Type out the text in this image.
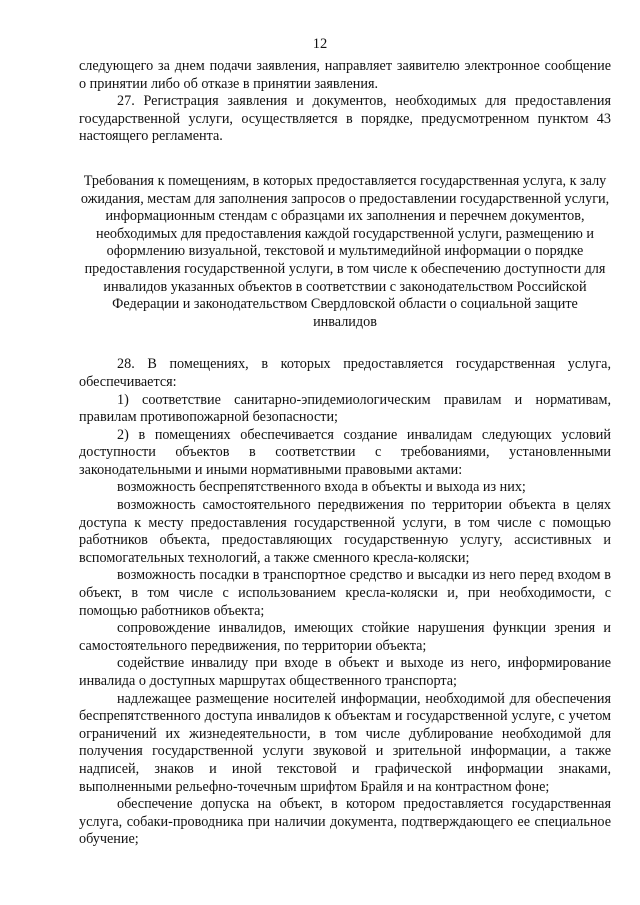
12

следующего за днем подачи заявления, направляет заявителю электронное сообщение о принятии либо об отказе в принятии заявления.

27. Регистрация заявления и документов, необходимых для предоставления государственной услуги, осуществляется в порядке, предусмотренном пунктом 43 настоящего регламента.

Требования к помещениям, в которых предоставляется государственная услуга, к залу ожидания, местам для заполнения запросов о предоставлении государственной услуги, информационным стендам с образцами их заполнения и перечнем документов, необходимых для предоставления каждой государственной услуги, размещению и оформлению визуальной, текстовой и мультимедийной информации о порядке предоставления государственной услуги, в том числе к обеспечению доступности для инвалидов указанных объектов в соответствии с законодательством Российской Федерации и законодательством Свердловской области о социальной защите инвалидов

28. В помещениях, в которых предоставляется государственная услуга, обеспечивается:

1) соответствие санитарно-эпидемиологическим правилам и нормативам, правилам противопожарной безопасности;

2) в помещениях обеспечивается создание инвалидам следующих условий доступности объектов в соответствии с требованиями, установленными законодательными и иными нормативными правовыми актами:

возможность беспрепятственного входа в объекты и выхода из них;

возможность самостоятельного передвижения по территории объекта в целях доступа к месту предоставления государственной услуги, в том числе с помощью работников объекта, предоставляющих государственную услугу, ассистивных и вспомогательных технологий, а также сменного кресла-коляски;

возможность посадки в транспортное средство и высадки из него перед входом в объект, в том числе с использованием кресла-коляски и, при необходимости, с помощью работников объекта;

сопровождение инвалидов, имеющих стойкие нарушения функции зрения и самостоятельного передвижения, по территории объекта;

содействие инвалиду при входе в объект и выходе из него, информирование инвалида о доступных маршрутах общественного транспорта;

надлежащее размещение носителей информации, необходимой для обеспечения беспрепятственного доступа инвалидов к объектам и государственной услуге, с учетом ограничений их жизнедеятельности, в том числе дублирование необходимой для получения государственной услуги звуковой и зрительной информации, а также надписей, знаков и иной текстовой и графической информации знаками, выполненными рельефно-точечным шрифтом Брайля и на контрастном фоне;

обеспечение допуска на объект, в котором предоставляется государственная услуга, собаки-проводника при наличии документа, подтверждающего ее специальное обучение;
